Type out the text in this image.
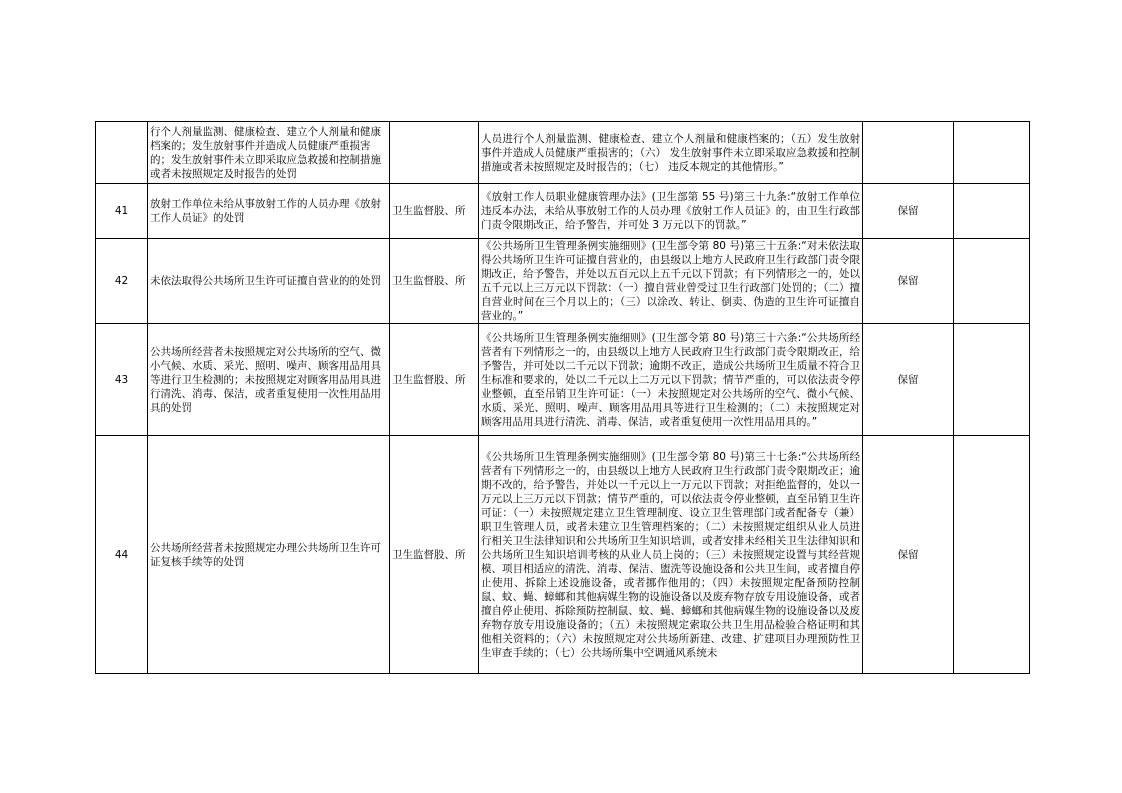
	行个人剂量监测、健康检查、建立个人剂量和健康档案的；发生放射事件并造成人员健康严重损害的；发生放射事件未立即采取应急救援和控制措施或者未按照规定及时报告的处罚		人员进行个人剂量监测、健康检查、建立个人剂量和健康档案的；（五）发生放射事件并造成人员健康严重损害的；（六） 发生放射事件未立即采取应急救援和控制措施或者未按照规定及时报告的；（七） 违反本规定的其他情形。”		
41	放射工作单位未给从事放射工作的人员办理《放射工作人员证》的处罚	卫生监督股、所	《放射工作人员职业健康管理办法》(卫生部第 55 号)第三十九条:“放射工作单位违反本办法，未给从事放射工作的人员办理《放射工作人员证》的，由卫生行政部门责令限期改正，给予警告，并可处 3 万元以下的罚款。”	保留	
42	未依法取得公共场所卫生许可证擅自营业的的处罚	卫生监督股、所	《公共场所卫生管理条例实施细则》(卫生部令第 80 号)第三十五条:“对未依法取得公共场所卫生许可证擅自营业的，由县级以上地方人民政府卫生行政部门责令限期改正，给予警告，并处以五百元以上五千元以下罚款；有下列情形之一的，处以五千元以上三万元以下罚款：（一）擅自营业曾受过卫生行政部门处罚的；（二）擅自营业时间在三个月以上的；（三）以涂改、转让、倒卖、伪造的卫生许可证擅自营业的。”	保留	
43	公共场所经营者未按照规定对公共场所的空气、微小气候、水质、采光、照明、噪声、顾客用品用具等进行卫生检测的；未按照规定对顾客用品用具进行清洗、消毒、保洁，或者重复使用一次性用品用具的处罚	卫生监督股、所	《公共场所卫生管理条例实施细则》(卫生部令第 80 号)第三十六条:“公共场所经营者有下列情形之一的，由县级以上地方人民政府卫生行政部门责令限期改正，给予警告，并可处以二千元以下罚款；逾期不改正，造成公共场所卫生质量不符合卫生标准和要求的，处以二千元以上二万元以下罚款；情节严重的，可以依法责令停业整顿，直至吊销卫生许可证：（一）未按照规定对公共场所的空气、微小气候、水质、采光、照明、噪声、顾客用品用具等进行卫生检测的；（二）未按照规定对顾客用品用具进行清洗、消毒、保洁，或者重复使用一次性用品用具的。”	保留	
44	公共场所经营者未按照规定办理公共场所卫生许可证复核手续等的处罚	卫生监督股、所	《公共场所卫生管理条例实施细则》(卫生部令第 80 号)第三十七条:“公共场所经营者有下列情形之一的，由县级以上地方人民政府卫生行政部门责令限期改正；逾期不改的，给予警告，并处以一千元以上一万元以下罚款；对拒绝监督的，处以一万元以上三万元以下罚款；情节严重的，可以依法责令停业整顿，直至吊销卫生许可证：（一）未按照规定建立卫生管理制度、设立卫生管理部门或者配备专（兼）职卫生管理人员，或者未建立卫生管理档案的；（二）未按照规定组织从业人员进行相关卫生法律知识和公共场所卫生知识培训，或者安排未经相关卫生法律知识和公共场所卫生知识培训考核的从业人员上岗的；（三）未按照规定设置与其经营规模、项目相适应的清洗、消毒、保洁、盥洗等设施设备和公共卫生间，或者擅自停止使用、拆除上述设施设备，或者挪作他用的；（四）未按照规定配备预防控制鼠、蚊、蝇、蟑螂和其他病媒生物的设施设备以及废弃物存放专用设施设备，或者擅自停止使用、拆除预防控制鼠、蚊、蝇、蟑螂和其他病媒生物的设施设备以及废弃物存放专用设施设备的；（五）未按照规定索取公共卫生用品检验合格证明和其他相关资料的；（六）未按照规定对公共场所新建、改建、扩建项目办理预防性卫生审查手续的；（七）公共场所集中空调通风系统未	保留	
